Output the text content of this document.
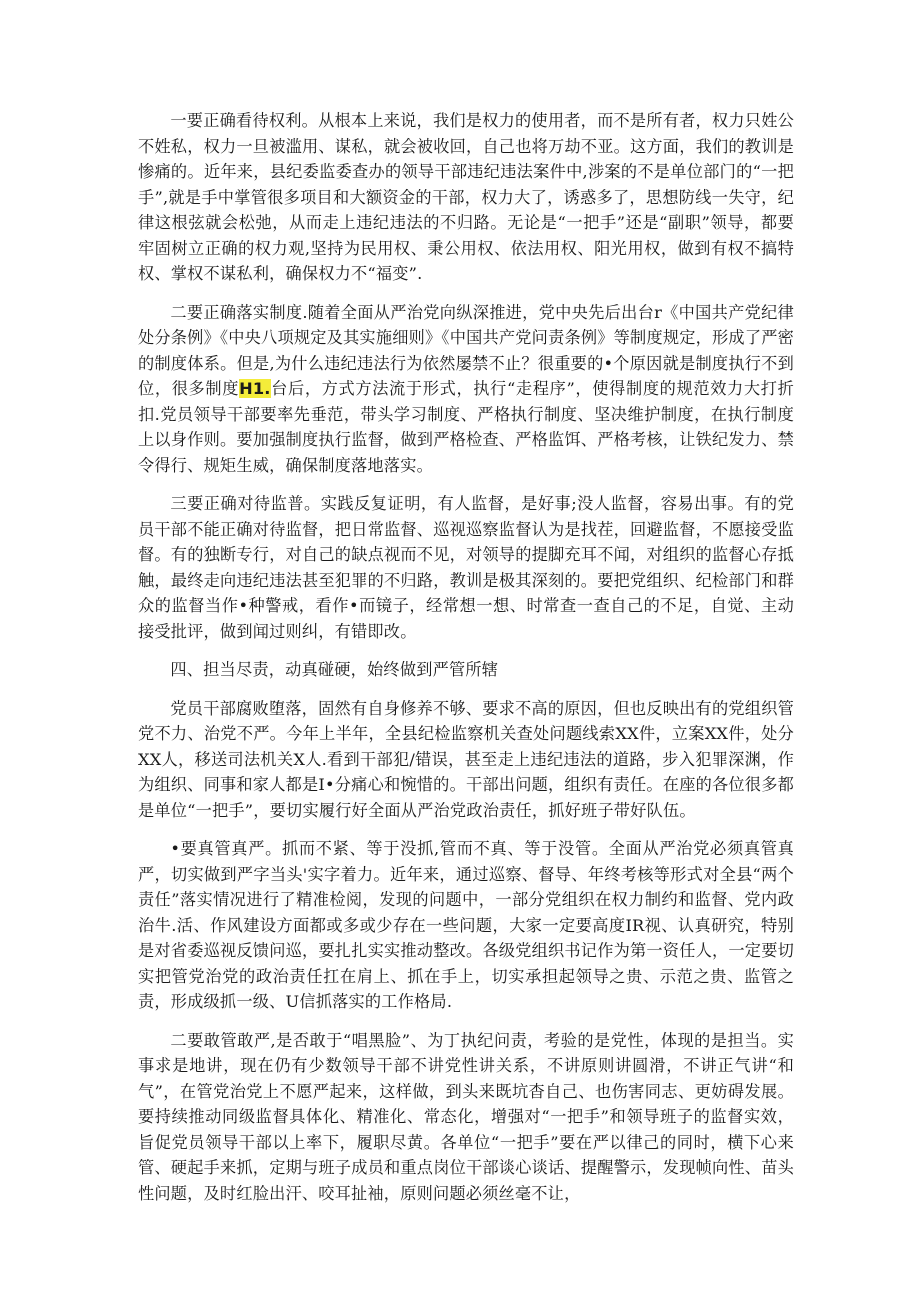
一要正确看待权利。从根本上来说，我们是权力的使用者，而不是所有者，权力只姓公不姓私，权力一旦被滥用、谋私，就会被收回，自己也将万劫不亚。这方面，我们的教训是惨痛的。近年来，县纪委监委查办的领导干部违纪违法案件中,涉案的不是单位部门的“一把手”,就是手中掌管很多项目和大额资金的干部，权力大了，诱惑多了，思想防线一失守，纪律这根弦就会松弛，从而走上违纪违法的不归路。无论是“一把手”还是“副职”领导，都要牢固树立正确的权力观,坚持为民用权、秉公用权、依法用权、阳光用权，做到有权不搞特权、掌权不谋私利，确保权力不“福变”.

二要正确落实制度.随着全面从严治党向纵深推进，党中央先后出台r《中国共产党纪律处分条例》《中央八项规定及其实施细则》《中国共产党问责条例》等制度规定，形成了严密的制度体系。但是,为什么违纪违法行为依然屡禁不止？很重要的•个原因就是制度执行不到位，很多制度H1.台后，方式方法流于形式，执行“走程序”，使得制度的规范效力大打折扣.党员领导干部要率先垂范，带头学习制度、严格执行制度、坚决维护制度，在执行制度上以身作则。要加强制度执行监督，做到严格检查、严格监饵、严格考核，让铁纪发力、禁令得行、规矩生威，确保制度落地落实。

三要正确对待监普。实践反复证明，有人监督，是好事;没人监督，容易出事。有的党员干部不能正确对待监督，把日常监督、巡视巡察监督认为是找茬，回避监督，不愿接受监督。有的独断专行，对自己的缺点视而不见，对领导的提脚充耳不闻，对组织的监督心存抵触，最终走向违纪违法甚至犯罪的不归路，教训是极其深刻的。要把党组织、纪检部门和群众的监督当作•种警戒，看作•而镜子，经常想一想、时常查一查自己的不足，自觉、主动接受批评，做到闻过则纠，有错即改。

四、担当尽责，动真碰硬，始终做到严管所辖

党员干部腐败堕落，固然有自身修养不够、要求不高的原因，但也反映出有的党组织管党不力、治党不严。今年上半年，全县纪检监察机关查处问题线索XX件，立案XX件，处分XX人，移送司法机关X人.看到干部犯/错误，甚至走上违纪违法的道路，步入犯罪深渊，作为组织、同事和家人都是I•分痛心和惋惜的。干部出问题，组织有责任。在座的各位很多都是单位“一把手”，要切实履行好全面从严治党政治责任，抓好班子带好队伍。

•要真管真严。抓而不紧、等于没抓,管而不真、等于没管。全面从严治党必须真管真严，切实做到严字当头'实字着力。近年来，通过巡察、督导、年终考核等形式对全县“两个责任”落实情况进行了精准检阅，发现的问题中，一部分党组织在权力制约和监督、党内政治牛.活、作风建设方面都或多或少存在一些问题，大家一定要高度IR视、认真研究，特别是对省委巡视反馈问巡，要扎扎实实推动整改。各级党组织书记作为第一资任人，一定要切实把管党治党的政治责任扛在肩上、抓在手上，切实承担起领导之贵、示范之贵、监管之责，形成级抓一级、U信抓落实的工作格局.

二要敢管敢严,是否敢于“唱黑脸”、为丁执纪问责，考验的是党性，体现的是担当。实事求是地讲，现在仍有少数领导干部不讲党性讲关系，不讲原则讲圆滑，不讲正气讲“和气”，在管党治党上不愿严起来，这样做，到头来既坑杳自己、也伤害同志、更妨碍发展。要持续推动同级监督具体化、精准化、常态化，增强对“一把手”和领导班子的监督实效，旨促党员领导干部以上率下，履职尽黄。各单位“一把手”要在严以律己的同时，横下心来管、硬起手来抓，定期与班子成员和重点岗位干部谈心谈话、提醒警示，发现帧向性、苗头性问题，及时红脸出汗、咬耳扯袖，原则问题必须丝毫不让，
